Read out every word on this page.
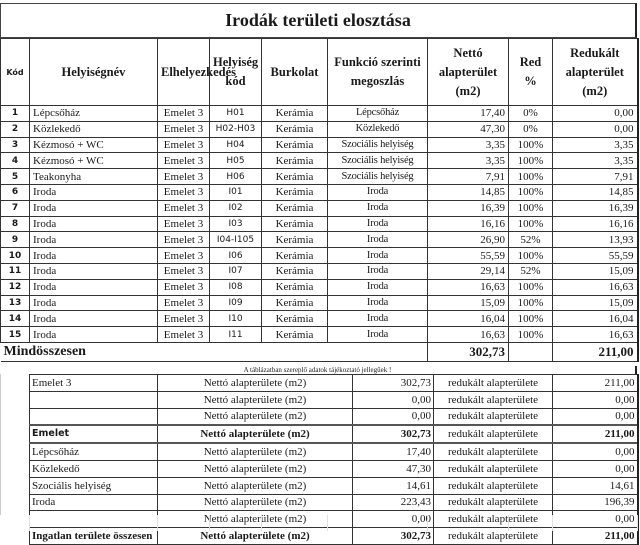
Irodák területi elosztása
Kód	Helyiségnév	Elhelyezkedés	Helyiség kód	Burkolat	Funkció szerinti megoszlás	Nettó alapterület (m2)	Red %	Redukált alapterület (m2)
1	Lépcsőház	Emelet 3	H01	Kerámia	Lépcsőház	17,40	0%	0,00
2	Közlekedő	Emelet 3	H02-H03	Kerámia	Közlekedő	47,30	0%	0,00
3	Kézmosó + WC	Emelet 3	H04	Kerámia	Szociális helyiség	3,35	100%	3,35
4	Kézmosó + WC	Emelet 3	H05	Kerámia	Szociális helyiség	3,35	100%	3,35
5	Teakonyha	Emelet 3	H06	Kerámia	Szociális helyiség	7,91	100%	7,91
6	Iroda	Emelet 3	I01	Kerámia	Iroda	14,85	100%	14,85
7	Iroda	Emelet 3	I02	Kerámia	Iroda	16,39	100%	16,39
8	Iroda	Emelet 3	I03	Kerámia	Iroda	16,16	100%	16,16
9	Iroda	Emelet 3	I04-I105	Kerámia	Iroda	26,90	52%	13,93
10	Iroda	Emelet 3	I06	Kerámia	Iroda	55,59	100%	55,59
11	Iroda	Emelet 3	I07	Kerámia	Iroda	29,14	52%	15,09
12	Iroda	Emelet 3	I08	Kerámia	Iroda	16,63	100%	16,63
13	Iroda	Emelet 3	I09	Kerámia	Iroda	15,09	100%	15,09
14	Iroda	Emelet 3	I10	Kerámia	Iroda	16,04	100%	16,04
15	Iroda	Emelet 3	I11	Kerámia	Iroda	16,63	100%	16,63
Mindösszesen						302,73		211,00
A táblázatban szereplő adatok tájékoztató jellegűek !
Emelet 3	Nettó alapterülete (m2)	302,73	redukált alapterülete	211,00
	Nettó alapterülete (m2)	0,00	redukált alapterülete	0,00
	Nettó alapterülete (m2)	0,00	redukált alapterülete	0,00
Emelet	Nettó alapterülete (m2)	302,73	redukált alapterülete	211,00
Lépcsőház	Nettó alapterülete (m2)	17,40	redukált alapterülete	0,00
Közlekedő	Nettó alapterülete (m2)	47,30	redukált alapterülete	0,00
Szociális helyiség	Nettó alapterülete (m2)	14,61	redukált alapterülete	14,61
Iroda	Nettó alapterülete (m2)	223,43	redukált alapterülete	196,39
	Nettó alapterülete (m2)	0,00	redukált alapterülete	0,00
Ingatlan területe összesen	Nettó alapterülete (m2)	302,73	redukált alapterülete	211,00
